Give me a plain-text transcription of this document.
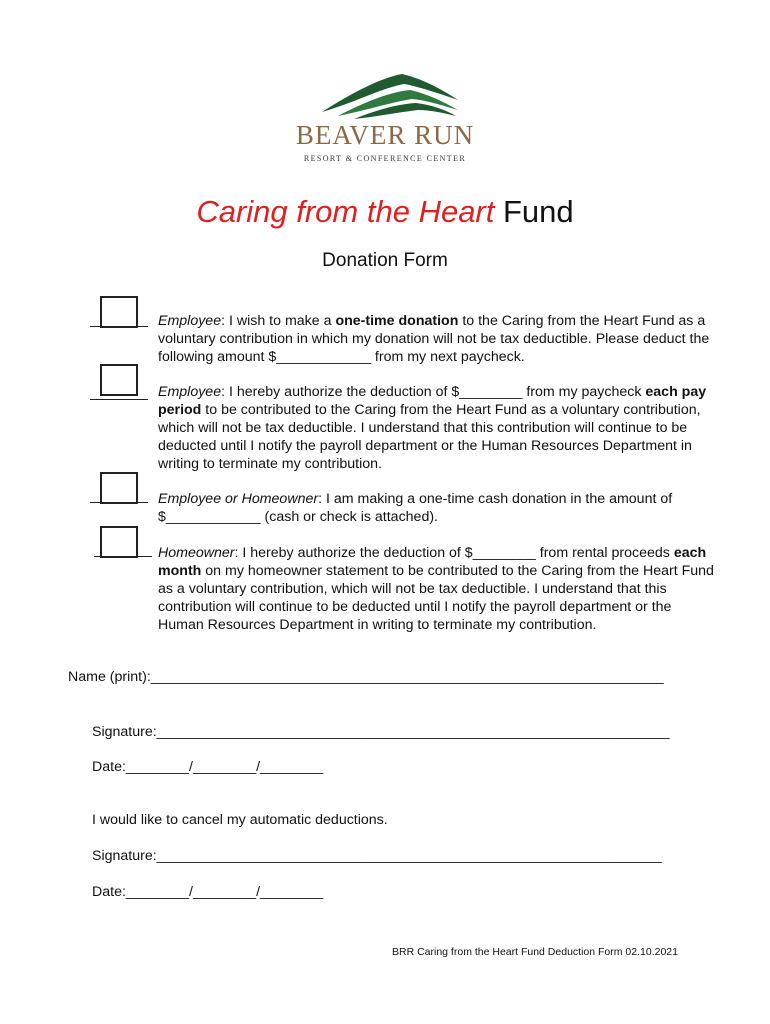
BEAVER RUN
RESORT & CONFERENCE CENTER
Caring from the Heart Fund
Donation Form
Employee: I wish to make a one-time donation to the Caring from the Heart Fund as a voluntary contribution in which my donation will not be tax deductible. Please deduct the following amount $____________ from my next paycheck.
Employee: I hereby authorize the deduction of $________ from my paycheck each pay period to be contributed to the Caring from the Heart Fund as a voluntary contribution, which will not be tax deductible. I understand that this contribution will continue to be deducted until I notify the payroll department or the Human Resources Department in writing to terminate my contribution.
Employee or Homeowner: I am making a one-time cash donation in the amount of $____________ (cash or check is attached).
Homeowner: I hereby authorize the deduction of $________ from rental proceeds each month on my homeowner statement to be contributed to the Caring from the Heart Fund as a voluntary contribution, which will not be tax deductible. I understand that this contribution will continue to be deducted until I notify the payroll department or the Human Resources Department in writing to terminate my contribution.
Name (print):_________________________________________________________________
Signature:_________________________________________________________________
Date:________/________/________
I would like to cancel my automatic deductions.
Signature:________________________________________________________________
Date:________/________/________
BRR Caring from the Heart Fund Deduction Form 02.10.2021
